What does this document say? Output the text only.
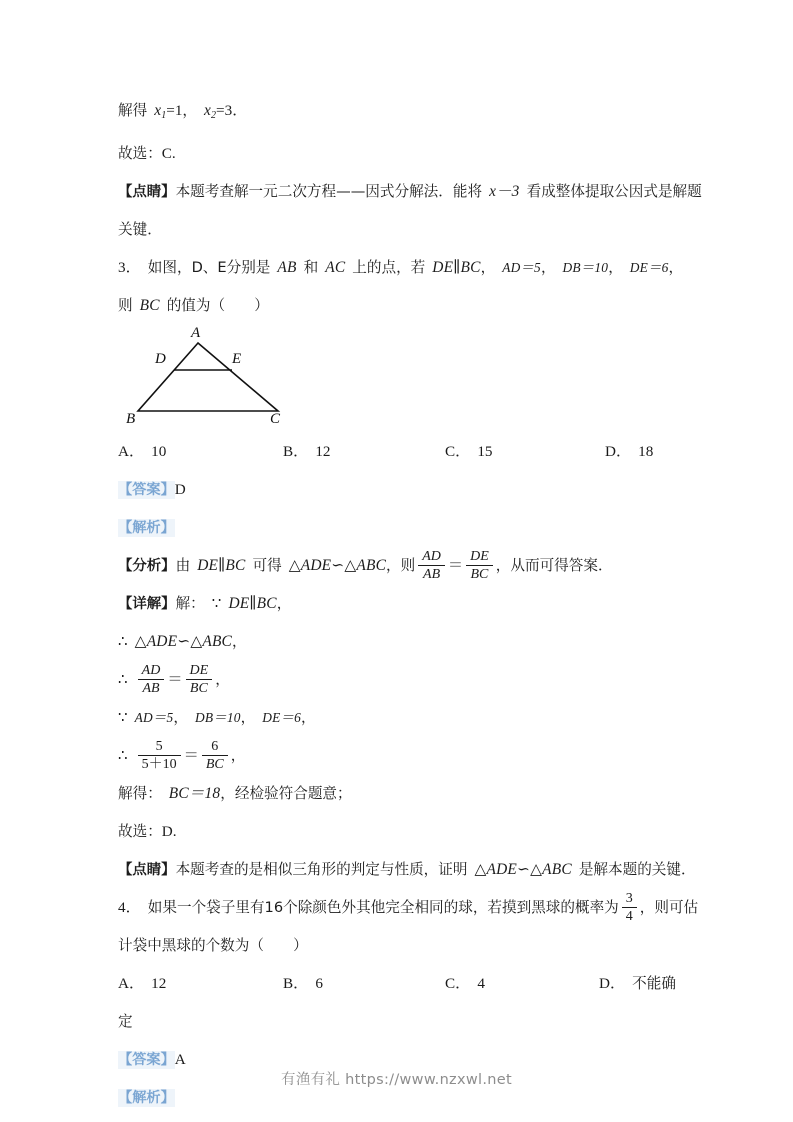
解得 $x_1=1$， $x_2=3$．
故选：C.
【点睛】本题考查解一元二次方程——因式分解法．能将 x－3 看成整体提取公因式是解题
关键．
3． 如图，D、E分别是 AB 和 AC 上的点，若 DE∥BC， AD＝5， DB＝10， DE＝6，
则 BC 的值为（　　）
A
D	E
B	C
A． 10	B． 12	C． 15	D． 18
【答案】D
【解析】
【分析】由 DE∥BC 可得 △ADE∽△ABC，则 $\frac{AD}{AB} = \frac{DE}{BC}$ ，从而可得答案．
【详解】解： ∵ DE∥BC，
∴ △ADE∽△ABC，
∴ $\frac{AD}{AB} = \frac{DE}{BC}$ ，
∵ AD＝5， DB＝10， DE＝6，
∴ $\frac{5}{5+10} = \frac{6}{BC}$ ，
解得： BC＝18，经检验符合题意；
故选：D.
【点睛】本题考查的是相似三角形的判定与性质，证明 △ADE∽△ABC 是解本题的关键．
4． 如果一个袋子里有16个除颜色外其他完全相同的球，若摸到黑球的概率为 $\frac{3}{4}$ ，则可估
计袋中黑球的个数为（　　）
A． 12	B． 6	C． 4	D． 不能确
定
【答案】A
【解析】
有渔有礼 https://www.nzxwl.net
